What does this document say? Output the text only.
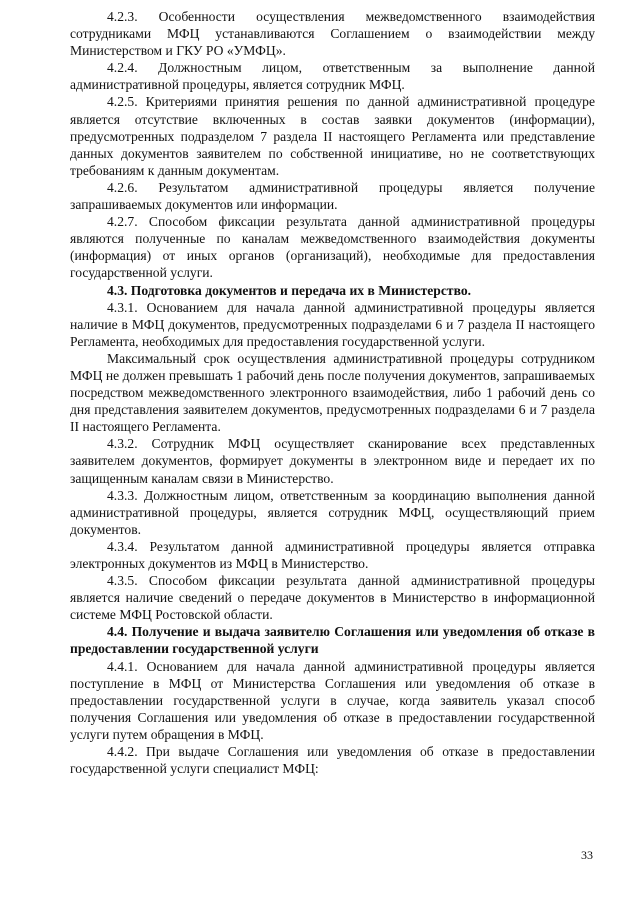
4.2.3. Особенности осуществления межведомственного взаимодействия сотрудниками МФЦ устанавливаются Соглашением о взаимодействии между Министерством и ГКУ РО «УМФЦ».

4.2.4. Должностным лицом, ответственным за выполнение данной административной процедуры, является сотрудник МФЦ.

4.2.5. Критериями принятия решения по данной административной процедуре является отсутствие включенных в состав заявки документов (информации), предусмотренных подразделом 7 раздела II настоящего Регламента или представление данных документов заявителем по собственной инициативе, но не соответствующих требованиям к данным документам.

4.2.6. Результатом административной процедуры является получение запрашиваемых документов или информации.

4.2.7. Способом фиксации результата данной административной процедуры являются полученные по каналам межведомственного взаимодействия документы (информация) от иных органов (организаций), необходимые для предоставления государственной услуги.

4.3. Подготовка документов и передача их в Министерство.

4.3.1. Основанием для начала данной административной процедуры является наличие в МФЦ документов, предусмотренных подразделами 6 и 7 раздела II настоящего Регламента, необходимых для предоставления государственной услуги.

Максимальный срок осуществления административной процедуры сотрудником МФЦ не должен превышать 1 рабочий день после получения документов, запрашиваемых посредством межведомственного электронного взаимодействия, либо 1 рабочий день со дня представления заявителем документов, предусмотренных подразделами 6 и 7 раздела II настоящего Регламента.

4.3.2. Сотрудник МФЦ осуществляет сканирование всех представленных заявителем документов, формирует документы в электронном виде и передает их по защищенным каналам связи в Министерство.

4.3.3. Должностным лицом, ответственным за координацию выполнения данной административной процедуры, является сотрудник МФЦ, осуществляющий прием документов.

4.3.4. Результатом данной административной процедуры является отправка электронных документов из МФЦ в Министерство.

4.3.5. Способом фиксации результата данной административной процедуры является наличие сведений о передаче документов в Министерство в информационной системе МФЦ Ростовской области.

4.4. Получение и выдача заявителю Соглашения или уведомления об отказе в предоставлении государственной услуги

4.4.1. Основанием для начала данной административной процедуры является поступление в МФЦ от Министерства Соглашения или уведомления об отказе в предоставлении государственной услуги в случае, когда заявитель указал способ получения Соглашения или уведомления об отказе в предоставлении государственной услуги путем обращения в МФЦ.

4.4.2. При выдаче Соглашения или уведомления об отказе в предоставлении государственной услуги специалист МФЦ:

33
